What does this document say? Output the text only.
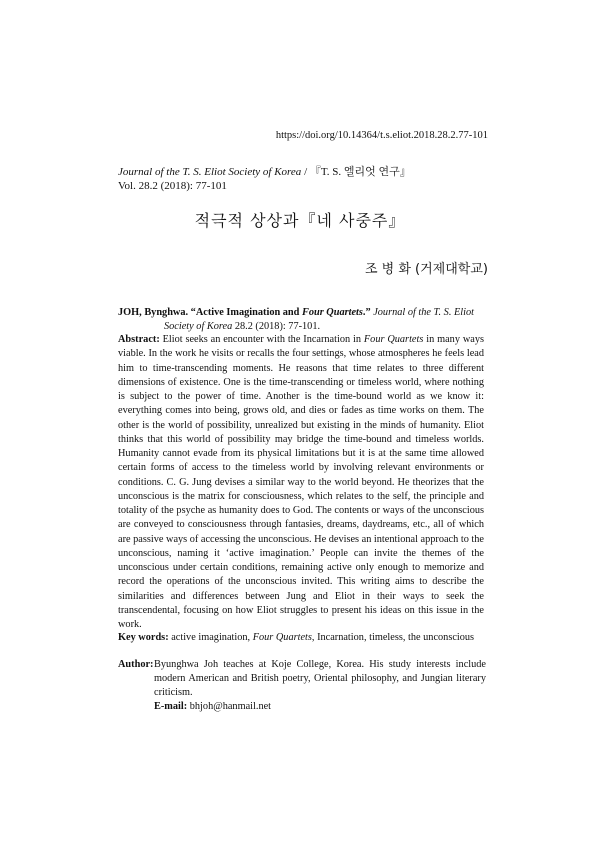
https://doi.org/10.14364/t.s.eliot.2018.28.2.77-101
Journal of the T. S. Eliot Society of Korea / 『T. S. 엘리엇 연구』
Vol. 28.2 (2018): 77-101
적극적 상상과『네 사중주』
조 병 화 (거제대학교)
JOH, Bynghwa. “Active Imagination and Four Quartets.” Journal of the T. S. Eliot
Society of Korea 28.2 (2018): 77-101.
Abstract: Eliot seeks an encounter with the Incarnation in Four Quartets in many ways viable. In the work he visits or recalls the four settings, whose atmospheres he feels lead him to time-transcending moments. He reasons that time relates to three different dimensions of existence. One is the time-transcending or timeless world, where nothing is subject to the power of time. Another is the time-bound world as we know it: everything comes into being, grows old, and dies or fades as time works on them. The other is the world of possibility, unrealized but existing in the minds of humanity. Eliot thinks that this world of possibility may bridge the time-bound and timeless worlds. Humanity cannot evade from its physical limitations but it is at the same time allowed certain forms of access to the timeless world by involving relevant environments or conditions. C. G. Jung devises a similar way to the world beyond. He theorizes that the unconscious is the matrix for consciousness, which relates to the self, the principle and totality of the psyche as humanity does to God. The contents or ways of the unconscious are conveyed to consciousness through fantasies, dreams, daydreams, etc., all of which are passive ways of accessing the unconscious. He devises an intentional approach to the unconscious, naming it ‘active imagination.’ People can invite the themes of the unconscious under certain conditions, remaining active only enough to memorize and record the operations of the unconscious invited. This writing aims to describe the similarities and differences between Jung and Eliot in their ways to seek the transcendental, focusing on how Eliot struggles to present his ideas on this issue in the work.
Key words: active imagination, Four Quartets, Incarnation, timeless, the unconscious
Author: Byunghwa Joh teaches at Koje College, Korea. His study interests include modern American and British poetry, Oriental philosophy, and Jungian literary criticism.
E-mail: bhjoh@hanmail.net
